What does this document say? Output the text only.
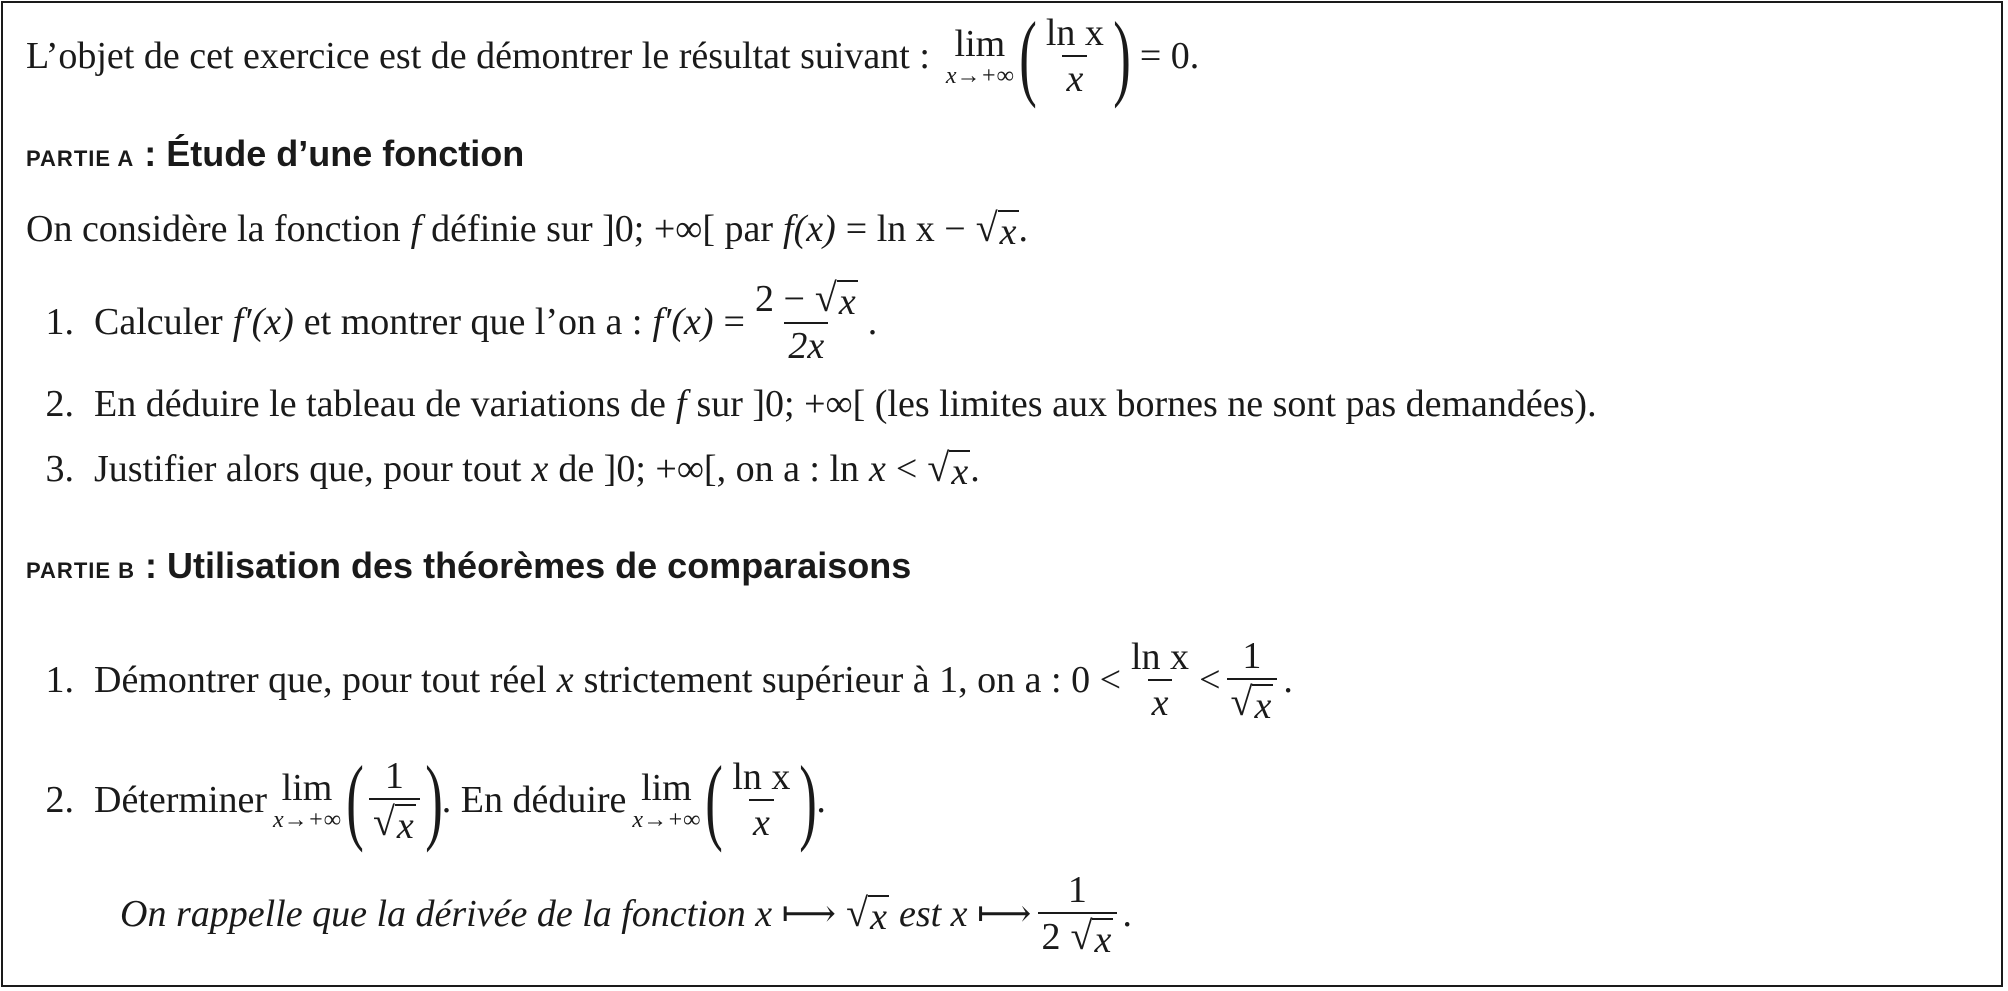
L’objet de cet exercice est de démontrer le résultat suivant : lim
x→+∞ ( $\frac{\text{ln x}}{x}$ ) = 0.
PARTIE A : Étude d’une fonction
On considère la fonction f définie sur ]0; +∞[ par f(x) = ln x − √ x .
1. Calculer f′(x) et montrer que l’on a : $f'(x) = \frac{2 - √ x}{2x}$ .
2. En déduire le tableau de variations de f sur ]0; +∞[ (les limites aux bornes ne sont pas demandées).
3. Justifier alors que, pour tout x de ]0; +∞[, on a : ln x < √ x .
PARTIE B : Utilisation des théorèmes de comparaisons
1. Démontrer que, pour tout réel x strictement supérieur à 1, on a : $0 < \frac{\text{ln x}}{x} < \frac{1}{√ x}$ .
2. Déterminer lim
x→+∞ ( $\frac{1}{√ x}$ ) . En déduire lim
x→+∞ ( $\frac{\text{ln x}}{x}$ ) .
On rappelle que la dérivée de la fonction x ⟼ √ x est x ⟼ $\frac{1}{2 √ x}$ .
